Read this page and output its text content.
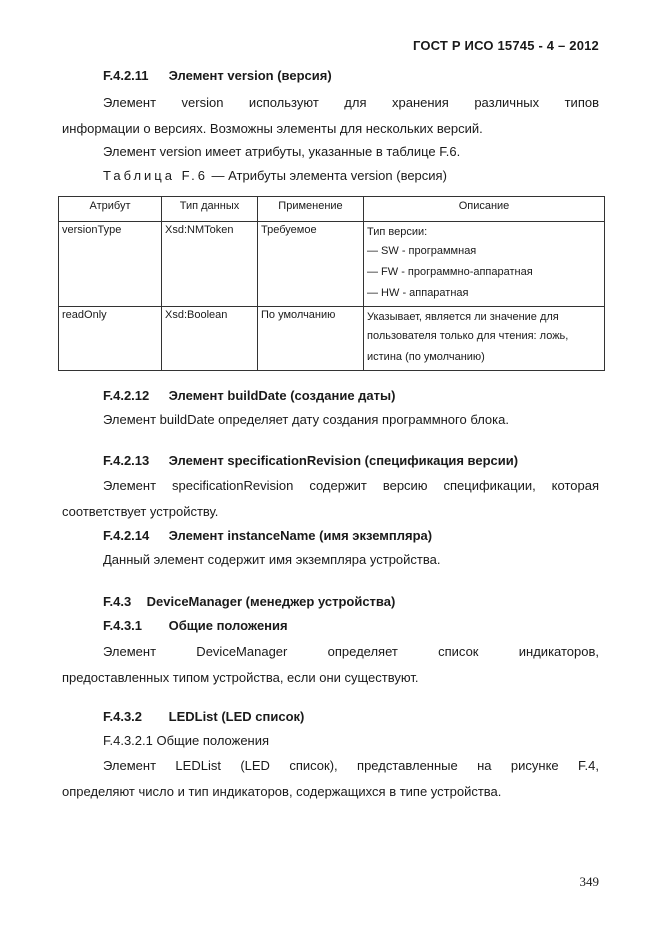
ГОСТ Р ИСО 15745 - 4 – 2012
F.4.2.11 Элемент version (версия)

Элемент version используют для хранения различных типов
информации о версиях. Возможны элементы для нескольких версий.

Элемент version имеет атрибуты, указанные в таблице F.6.
Таблица F.6 — Атрибуты элемента version (версия)
Атрибут	Тип данных	Применение	Описание
versionType	Xsd:NMToken	Требуемое	Тип версии:
— SW - программная
— FW - программно-аппаратная
— HW - аппаратная

readOnly	Xsd:Boolean	По умолчанию	Указывает, является ли значение для
пользователя только для чтения: ложь,
истина (по умолчанию)
F.4.2.12 Элемент buildDate (создание даты)
Элемент buildDate определяет дату создания программного блока.
F.4.2.13 Элемент specificationRevision (спецификация версии)

Элемент specificationRevision содержит версию спецификации, которая
соответствует устройству.

F.4.2.14 Элемент instanceName (имя экземпляра)
Данный элемент содержит имя экземпляра устройства.
F.4.3 DeviceManager (менеджер устройства)
F.4.3.1 Общие положения

Элемент DeviceManager определяет список индикаторов,
предоставленных типом устройства, если они существуют.

F.4.3.2 LEDList (LED список)
F.4.3.2.1 Общие положения

Элемент LEDList (LED список), представленные на рисунке F.4,
определяют число и тип индикаторов, содержащихся в типе устройства.

349
